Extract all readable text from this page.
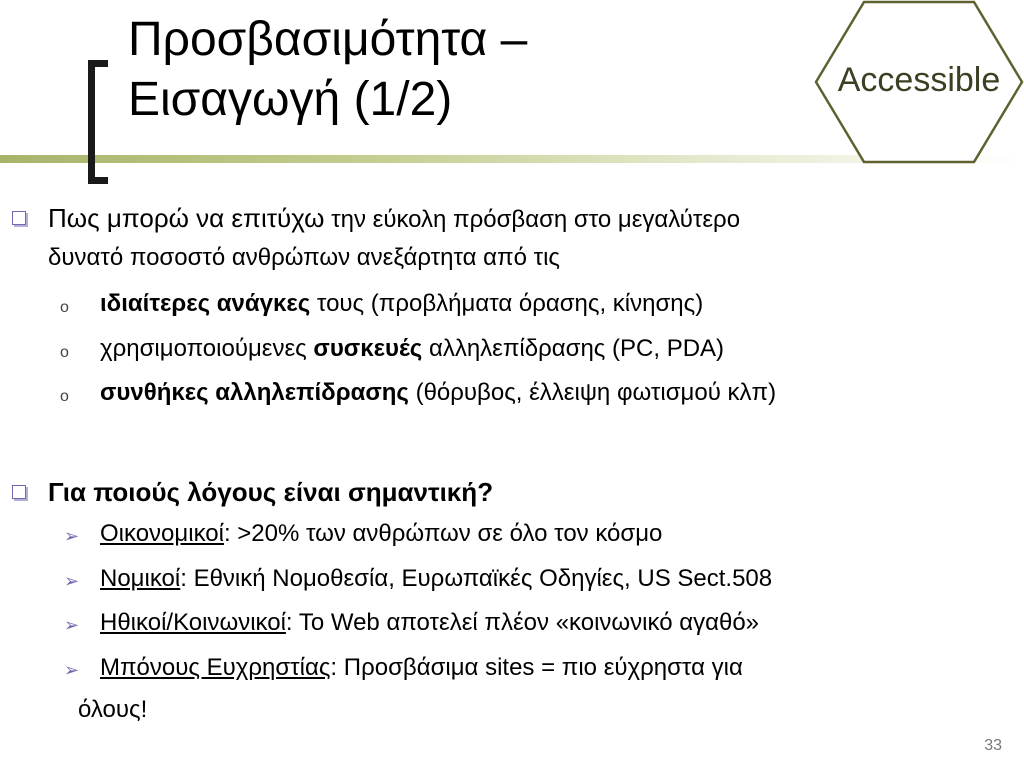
Προσβασιμότητα –
Εισαγωγή (1/2)	Accessible
Πως μπορώ να επιτύχω την εύκολη πρόσβαση στο μεγαλύτερο
δυνατό ποσοστό ανθρώπων ανεξάρτητα από τις
o ιδιαίτερες ανάγκες τους (προβλήματα όρασης, κίνησης)
o χρησιμοποιούμενες συσκευές αλληλεπίδρασης (PC, PDA)
o συνθήκες αλληλεπίδρασης (θόρυβος, έλλειψη φωτισμού κλπ)
Για ποιούς λόγους είναι σημαντική?
➢ Οικονομικοί: >20% των ανθρώπων σε όλο τον κόσμο
➢ Νομικοί: Εθνική Νομοθεσία, Ευρωπαϊκές Οδηγίες, US Sect.508
➢ Ηθικοί/Κοινωνικοί: Το Web αποτελεί πλέον «κοινωνικό αγαθό»
➢ Μπόνους Ευχρηστίας: Προσβάσιμα sites = πιο εύχρηστα για
όλους!
33
